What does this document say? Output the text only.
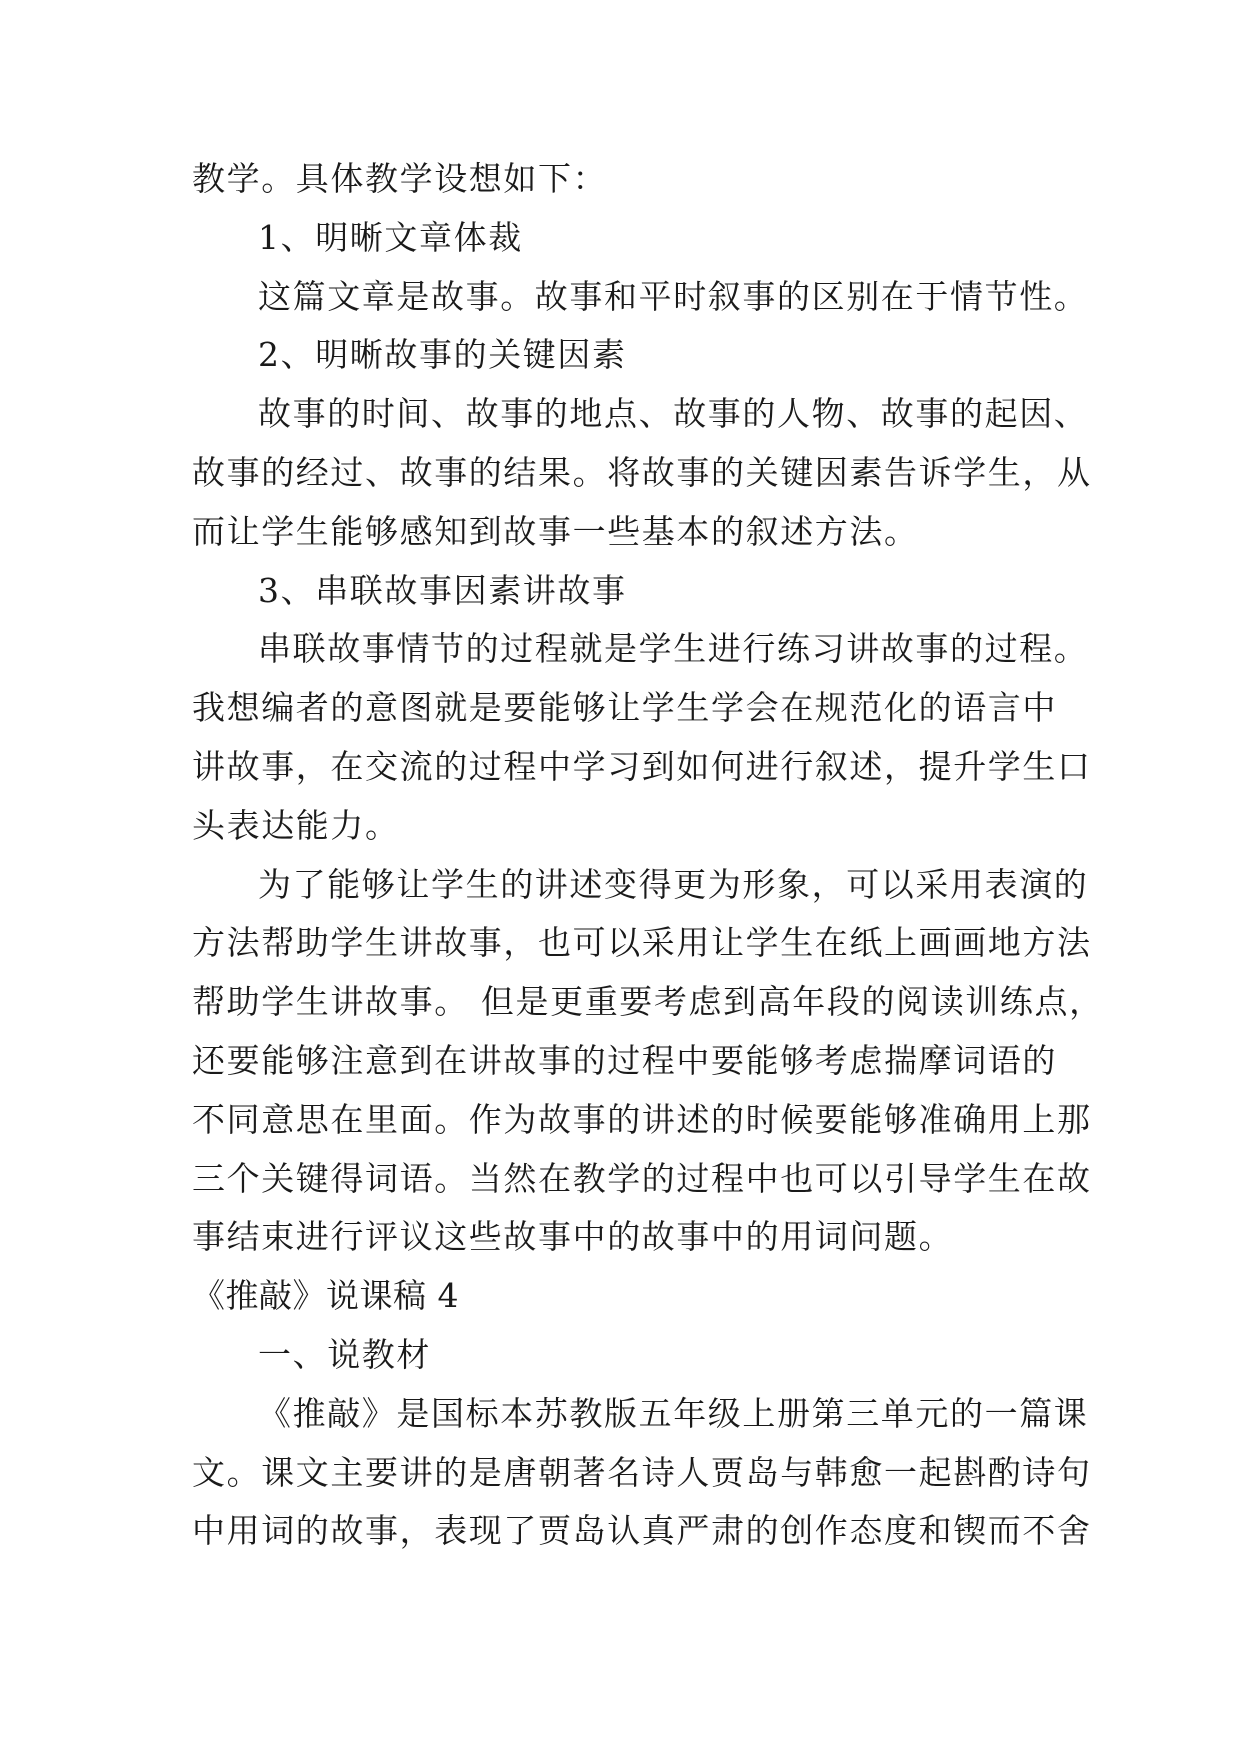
教学。具体教学设想如下：
1、明晰文章体裁
这篇文章是故事。故事和平时叙事的区别在于情节性。
2、明晰故事的关键因素
故事的时间、故事的地点、故事的人物、故事的起因、
故事的经过、故事的结果。将故事的关键因素告诉学生，从
而让学生能够感知到故事一些基本的叙述方法。
3、串联故事因素讲故事
串联故事情节的过程就是学生进行练习讲故事的过程。
我想编者的意图就是要能够让学生学会在规范化的语言中
讲故事，在交流的过程中学习到如何进行叙述，提升学生口
头表达能力。
为了能够让学生的讲述变得更为形象，可以采用表演的
方法帮助学生讲故事，也可以采用让学生在纸上画画地方法
帮助学生讲故事。 但是更重要考虑到高年段的阅读训练点，
还要能够注意到在讲故事的过程中要能够考虑揣摩词语的
不同意思在里面。作为故事的讲述的时候要能够准确用上那
三个关键得词语。当然在教学的过程中也可以引导学生在故
事结束进行评议这些故事中的故事中的用词问题。
《推敲》说课稿 4
一、说教材
《推敲》是国标本苏教版五年级上册第三单元的一篇课
文。课文主要讲的是唐朝著名诗人贾岛与韩愈一起斟酌诗句
中用词的故事，表现了贾岛认真严肃的创作态度和锲而不舍
